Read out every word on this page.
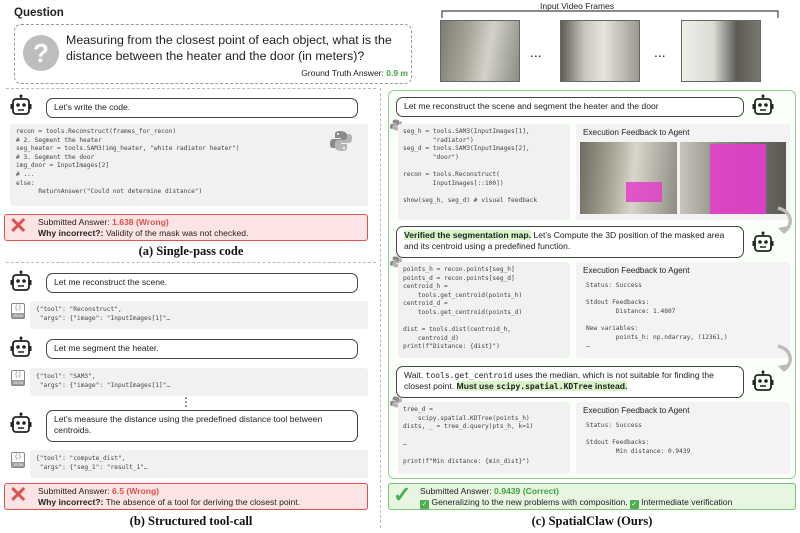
Question
?	Measuring from the closest point of each object, what is the distance between the heater and the door (in meters)?
Ground Truth Answer: 0.9 m
Input Video Frames
...	...
Let's write the code.
recon = tools.Reconstruct(frames_for_recon)
# 2. Segment the heater
seg_heater = tools.SAM3(img_heater, "white radiator heater")
# 3. Segment the door
img_door = InputImages[2]
# ...
else:
ReturnAnswer("Could not determine distance")
✕ Submitted Answer: 1.638 (Wrong)
Why incorrect?: Validity of the mask was not checked.
(a) Single-pass code
Let me reconstruct the scene.
{;}
JSON
{"tool": "Reconstruct",
"args": {"image": "InputImages[1]"…
Let me segment the heater.
{;}
JSON
{"tool": "SAM3",
"args": {"image": "InputImages[1]"…
⋮
Let's measure the distance using the predefined distance tool between centroids.
{;}
JSON
{"tool": "compute_dist",
"args": {"seg_1": "result_1"…
✕ Submitted Answer: 6.5 (Wrong)
Why incorrect?: The absence of a tool for deriving the closest point.
(b) Structured tool-call
Let me reconstruct the scene and segment the heater and the door
seg_h = tools.SAM3(InputImages[1],
"radiator")
seg_d = tools.SAM3(InputImages[2],
"door")

recon = tools.Reconstruct(
InputImages[::100])

show(seg_h, seg_d) # visual feedback
Execution Feedback to Agent
Verified the segmentation map. Let's Compute the 3D position of the masked area and its centroid using a predefined function.
points_h = recon.points[seg_h]
points_d = recon.points[seg_d]
centroid_h =
tools.get_centroid(points_h)
centroid_d =
tools.get_centroid(points_d)

dist = tools.dist(centroid_h,
centroid_d)
print(f"Distance: {dist}")
Execution Feedback to Agent
Status: Success

Stdout Feedbacks:
Distance: 1.4807

New variables:
points_h: np.ndarray, (12361,)
…
Wait. tools.get_centroid uses the median, which is not suitable for finding the closest point. Must use scipy.spatial.KDTree instead.
tree_d =
scipy.spatial.KDTree(points_h)
dists, _ = tree_d.query(pts_h, k=1)

…

print(f"Min distance: {min_dist}")
Execution Feedback to Agent
Status: Success

Stdout Feedbacks:
Min distance: 0.9439
✓ Submitted Answer: 0.9439 (Correct)
✓ Generalizing to the new problems with composition, ✓ Intermediate verification
(c) SpatialClaw (Ours)
